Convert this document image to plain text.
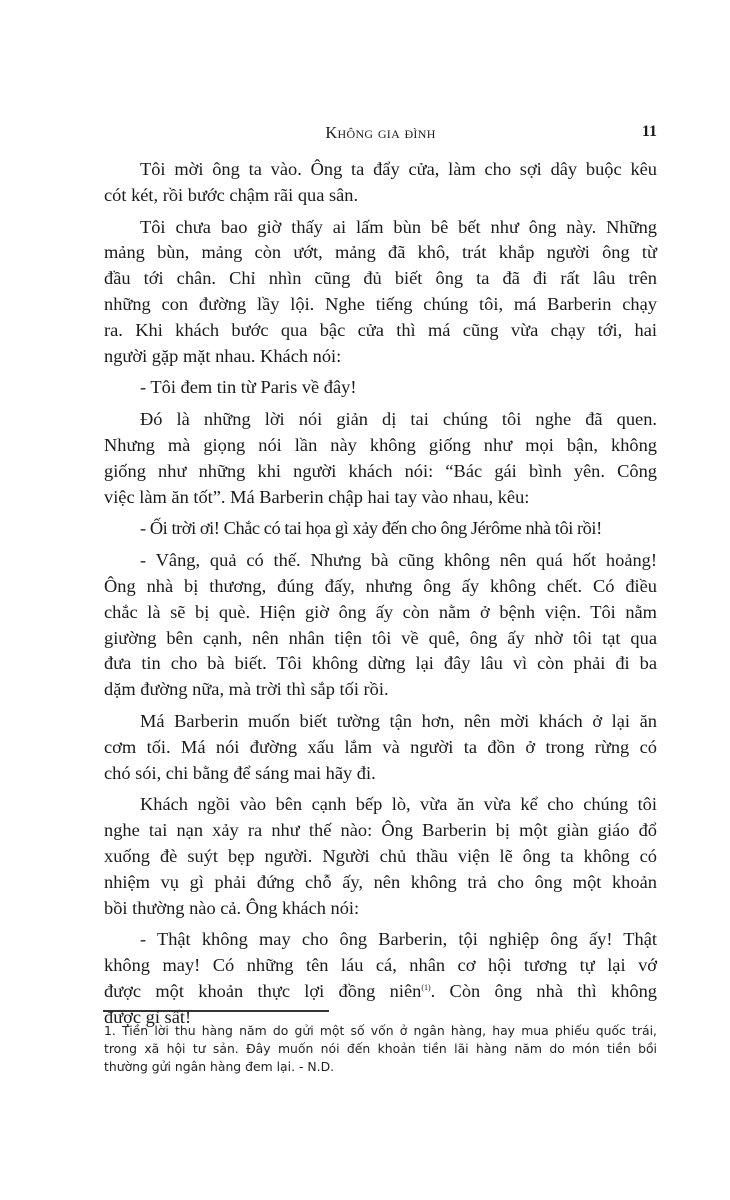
Không gia đình	11
Tôi mời ông ta vào. Ông ta đẩy cửa, làm cho sợi dây buộc kêu
cót két, rồi bước chậm rãi qua sân.
Tôi chưa bao giờ thấy ai lấm bùn bê bết như ông này. Những
mảng bùn, mảng còn ướt, mảng đã khô, trát khắp người ông từ
đầu tới chân. Chỉ nhìn cũng đủ biết ông ta đã đi rất lâu trên
những con đường lầy lội. Nghe tiếng chúng tôi, má Barberin chạy
ra. Khi khách bước qua bậc cửa thì má cũng vừa chạy tới, hai
người gặp mặt nhau. Khách nói:
- Tôi đem tin từ Paris về đây!
Đó là những lời nói giản dị tai chúng tôi nghe đã quen.
Nhưng mà giọng nói lần này không giống như mọi bận, không
giống như những khi người khách nói: “Bác gái bình yên. Công
việc làm ăn tốt”. Má Barberin chập hai tay vào nhau, kêu:
- Ối trời ơi! Chắc có tai họa gì xảy đến cho ông Jérôme nhà tôi rồi!
- Vâng, quả có thế. Nhưng bà cũng không nên quá hốt hoảng!
Ông nhà bị thương, đúng đấy, nhưng ông ấy không chết. Có điều
chắc là sẽ bị què. Hiện giờ ông ấy còn nằm ở bệnh viện. Tôi nằm
giường bên cạnh, nên nhân tiện tôi về quê, ông ấy nhờ tôi tạt qua
đưa tin cho bà biết. Tôi không dừng lại đây lâu vì còn phải đi ba
dặm đường nữa, mà trời thì sắp tối rồi.
Má Barberin muốn biết tường tận hơn, nên mời khách ở lại ăn
cơm tối. Má nói đường xấu lắm và người ta đồn ở trong rừng có
chó sói, chi bằng để sáng mai hãy đi.
Khách ngồi vào bên cạnh bếp lò, vừa ăn vừa kể cho chúng tôi
nghe tai nạn xảy ra như thế nào: Ông Barberin bị một giàn giáo đổ
xuống đè suýt bẹp người. Người chủ thầu viện lẽ ông ta không có
nhiệm vụ gì phải đứng chỗ ấy, nên không trả cho ông một khoản
bồi thường nào cả. Ông khách nói:
- Thật không may cho ông Barberin, tội nghiệp ông ấy! Thật
không may! Có những tên láu cá, nhân cơ hội tương tự lại vớ
được một khoản thực lợi đồng niên$^{(1)}$. Còn ông nhà thì không
được gì sất!
1. Tiền lời thu hàng năm do gửi một số vốn ở ngân hàng, hay mua phiếu quốc trái,
trong xã hội tư sản. Đây muốn nói đến khoản tiền lãi hàng năm do món tiền bồi
thường gửi ngân hàng đem lại. - N.D.
